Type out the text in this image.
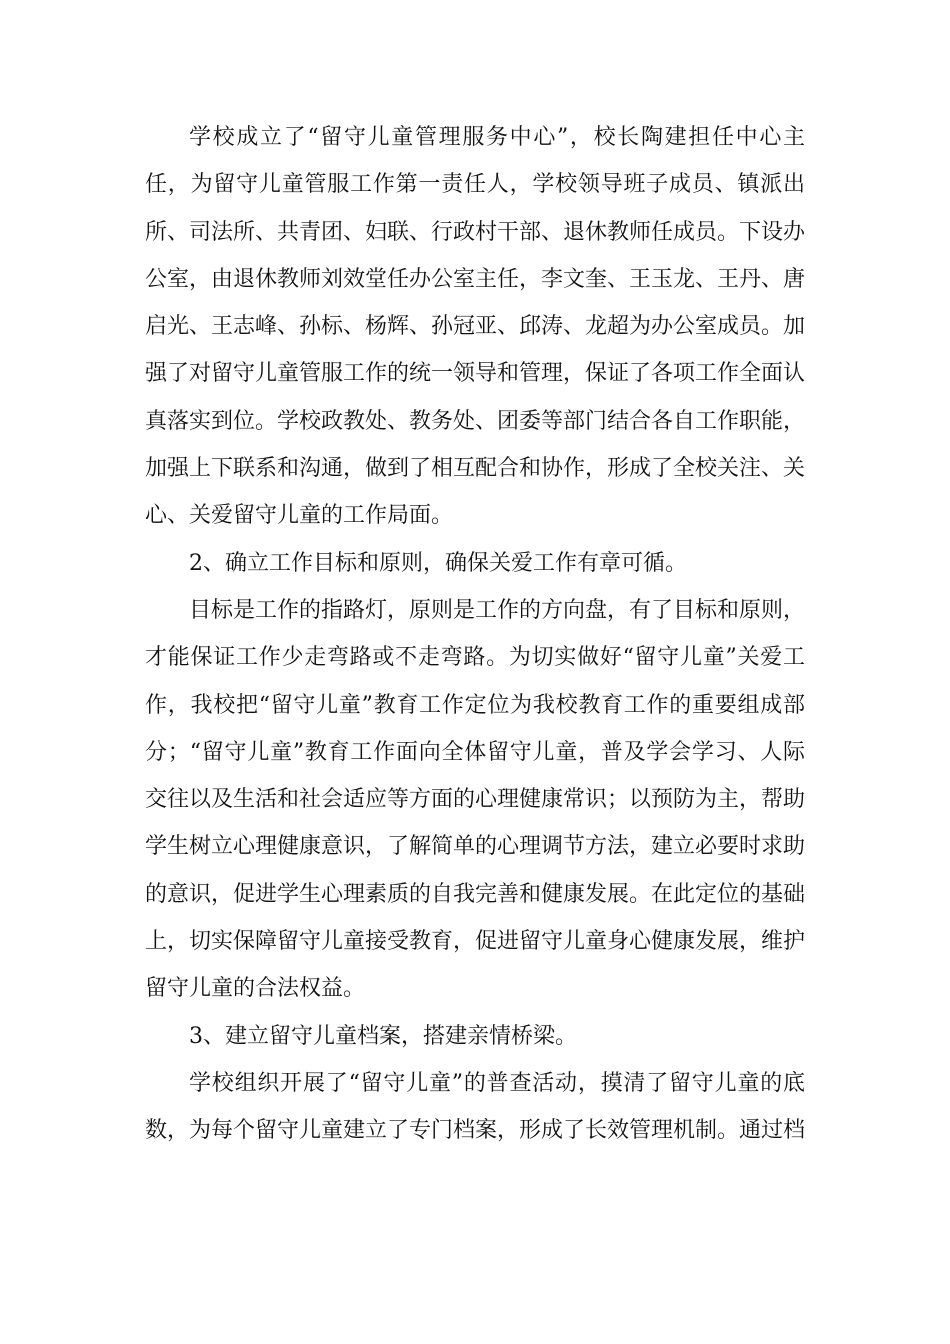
学校成立了“留守儿童管理服务中心”，校长陶建担任中心主任，为留守儿童管服工作第一责任人，学校领导班子成员、镇派出所、司法所、共青团、妇联、行政村干部、退休教师任成员。下设办公室，由退休教师刘效堂任办公室主任，李文奎、王玉龙、王丹、唐启光、王志峰、孙标、杨辉、孙冠亚、邱涛、龙超为办公室成员。加强了对留守儿童管服工作的统一领导和管理，保证了各项工作全面认真落实到位。学校政教处、教务处、团委等部门结合各自工作职能，加强上下联系和沟通，做到了相互配合和协作，形成了全校关注、关心、关爱留守儿童的工作局面。

2、确立工作目标和原则，确保关爱工作有章可循。

目标是工作的指路灯，原则是工作的方向盘，有了目标和原则，才能保证工作少走弯路或不走弯路。为切实做好“留守儿童”关爱工作，我校把“留守儿童”教育工作定位为我校教育工作的重要组成部分；“留守儿童”教育工作面向全体留守儿童，普及学会学习、人际交往以及生活和社会适应等方面的心理健康常识；以预防为主，帮助学生树立心理健康意识，了解简单的心理调节方法，建立必要时求助的意识，促进学生心理素质的自我完善和健康发展。在此定位的基础上，切实保障留守儿童接受教育，促进留守儿童身心健康发展，维护留守儿童的合法权益。

3、建立留守儿童档案，搭建亲情桥梁。

学校组织开展了“留守儿童”的普查活动，摸清了留守儿童的底数，为每个留守儿童建立了专门档案，形成了长效管理机制。通过档
